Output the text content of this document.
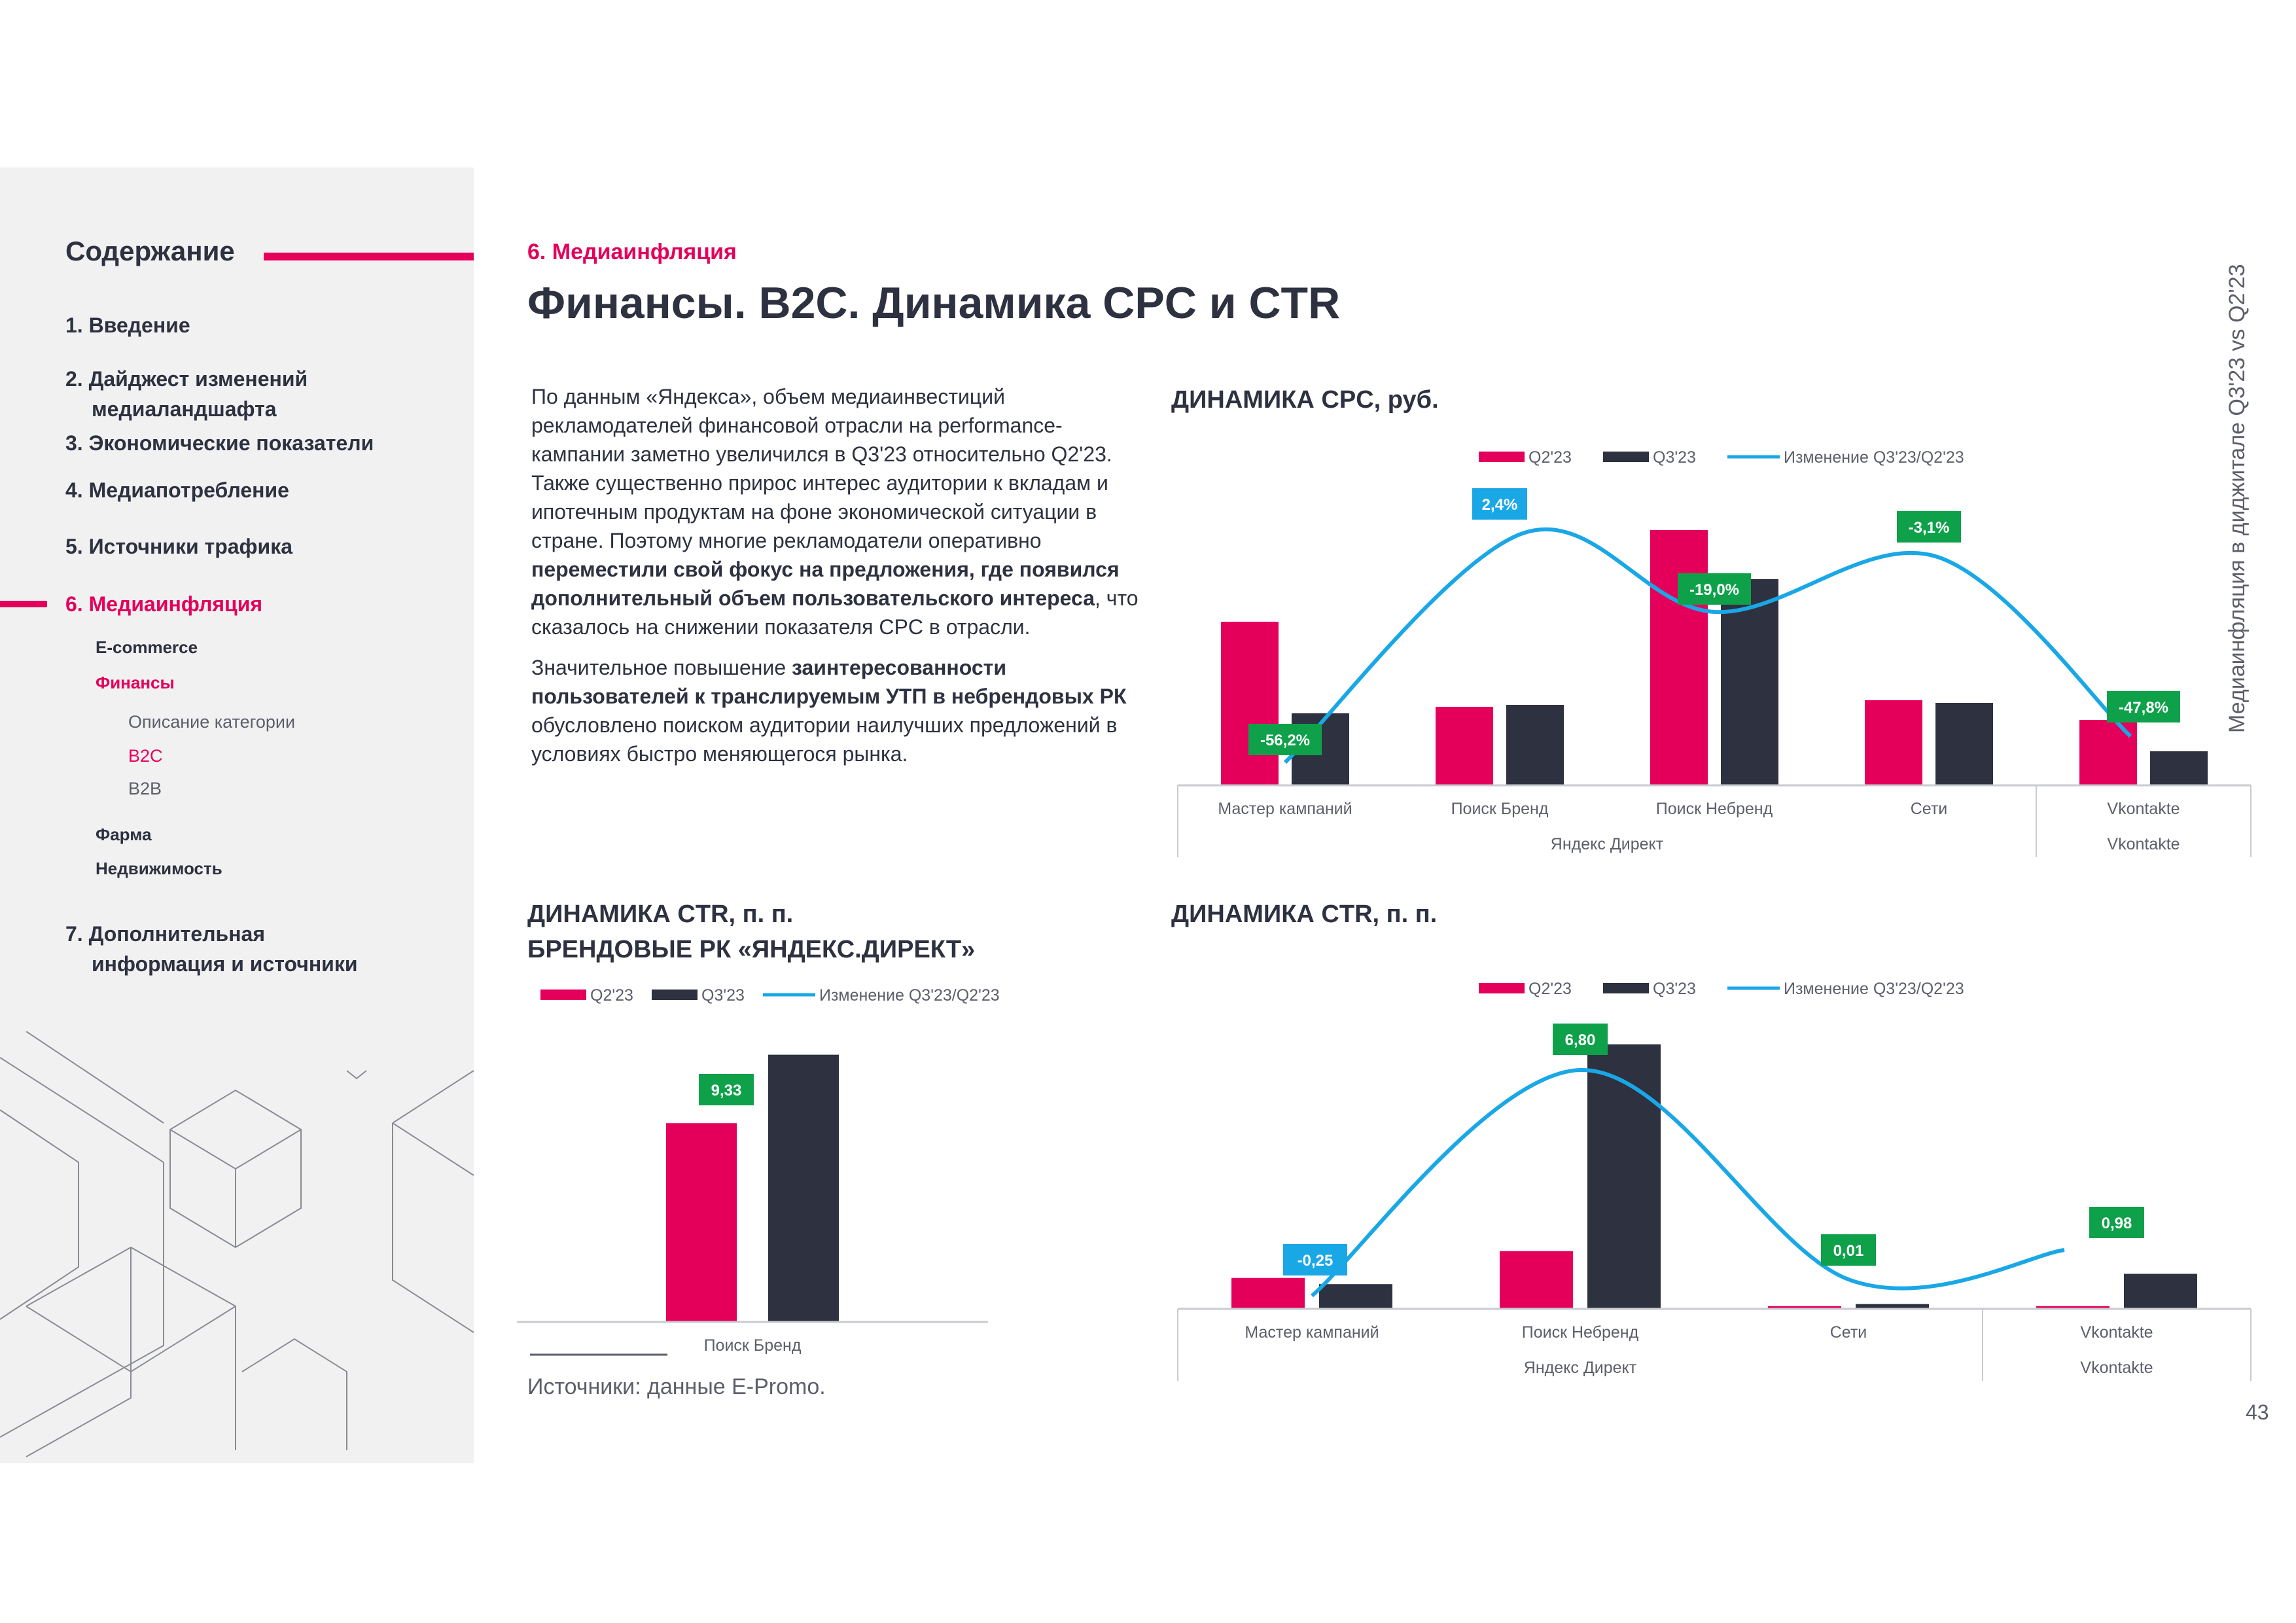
Содержание
1. Введение
2. Дайджест изменений
медиаландшафта
3. Экономические показатели
4. Медиапотребление
5. Источники трафика
6. Медиаинфляция
E-commerce
Финансы
Описание категории
B2C
B2B
Фарма
Недвижимость
7. Дополнительная
информация и источники
6. Медиаинфляция
Финансы. B2C. Динамика CPC и CTR

По данным «Яндекса», объем медиаинвестиций рекламодателей финансовой отрасли на performance-кампании заметно увеличился в Q3'23 относительно Q2'23. Также существенно прирос интерес аудитории к вкладам и ипотечным продуктам на фоне экономической ситуации в стране. Поэтому многие рекламодатели оперативно переместили свой фокус на предложения, где появился дополнительный объем пользовательского интереса, что сказалось на снижении показателя CPC в отрасли.

Значительное повышение заинтересованности пользователей к транслируемым УТП в небрендовых РК обусловлено поиском аудитории наилучших предложений в условиях быстро меняющегося рынка.

ДИНАМИКА CPC, руб.
ДИНАМИКА CTR, п. п.
БРЕНДОВЫЕ РК «ЯНДЕКС.ДИРЕКТ»
ДИНАМИКА CTR, п. п.
Q2'23	Q3'23	Изменение Q3'23/Q2'23
Яндекс Директ	Vkontakte
Мастер кампаний	Поиск Бренд	Поиск Небренд	Сети	Vkontakte
-56,2%
2,4%
-19,0%
-3,1%
-47,8%
Q2'23	Q3'23	Изменение Q3'23/Q2'23
Поиск Бренд
9,33
Q2'23	Q3'23	Изменение Q3'23/Q2'23
Яндекс Директ	Vkontakte
Мастер кампаний	Поиск Небренд	Сети	Vkontakte
-0,25
6,80
0,01
0,98
Источники: данные E-Promo.
43
Медиаинфляция в диджитале Q3'23 vs Q2'23
